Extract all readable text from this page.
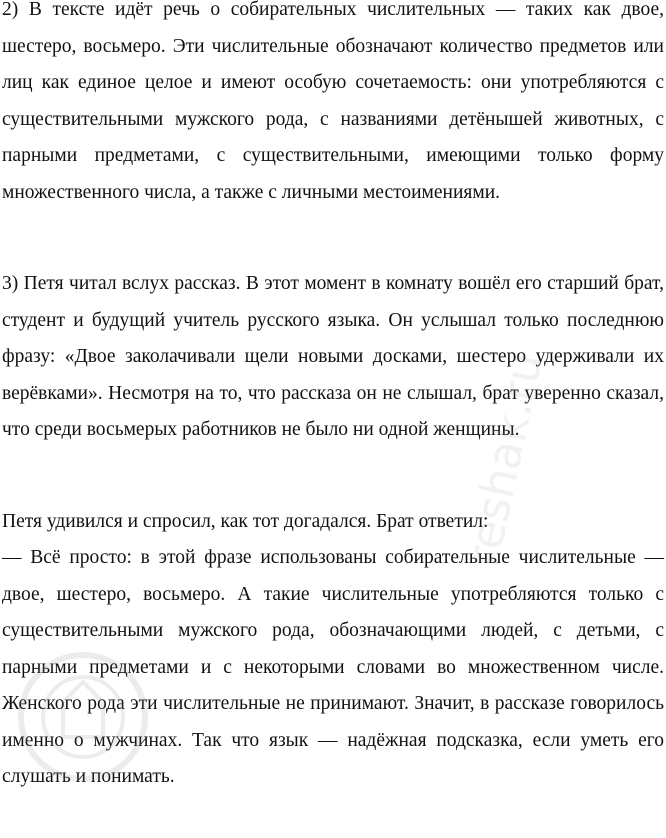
2) В тексте идёт речь о собирательных числительных — таких как двое, шестеро, восьмеро. Эти числительные обозначают количество предметов или лиц как единое целое и имеют особую сочетаемость: они употребляются с существительными мужского рода, с названиями детёнышей животных, с парными предметами, с существительными, имеющими только форму множественного числа, а также с личными местоимениями.

3) Петя читал вслух рассказ. В этот момент в комнату вошёл его старший брат, студент и будущий учитель русского языка. Он услышал только последнюю фразу: «Двое заколачивали щели новыми досками, шестеро удерживали их верёвками». Несмотря на то, что рассказа он не слышал, брат уверенно сказал, что среди восьмерых работников не было ни одной женщины.

Петя удивился и спросил, как тот догадался. Брат ответил:

— Всё просто: в этой фразе использованы собирательные числительные — двое, шестеро, восьмеро. А такие числительные употребляются только с существительными мужского рода, обозначающими людей, с детьми, с парными предметами и с некоторыми словами во множественном числе. Женского рода эти числительные не принимают. Значит, в рассказе говорилось именно о мужчинах. Так что язык — надёжная подсказка, если уметь его слушать и понимать.

reshak.ru
